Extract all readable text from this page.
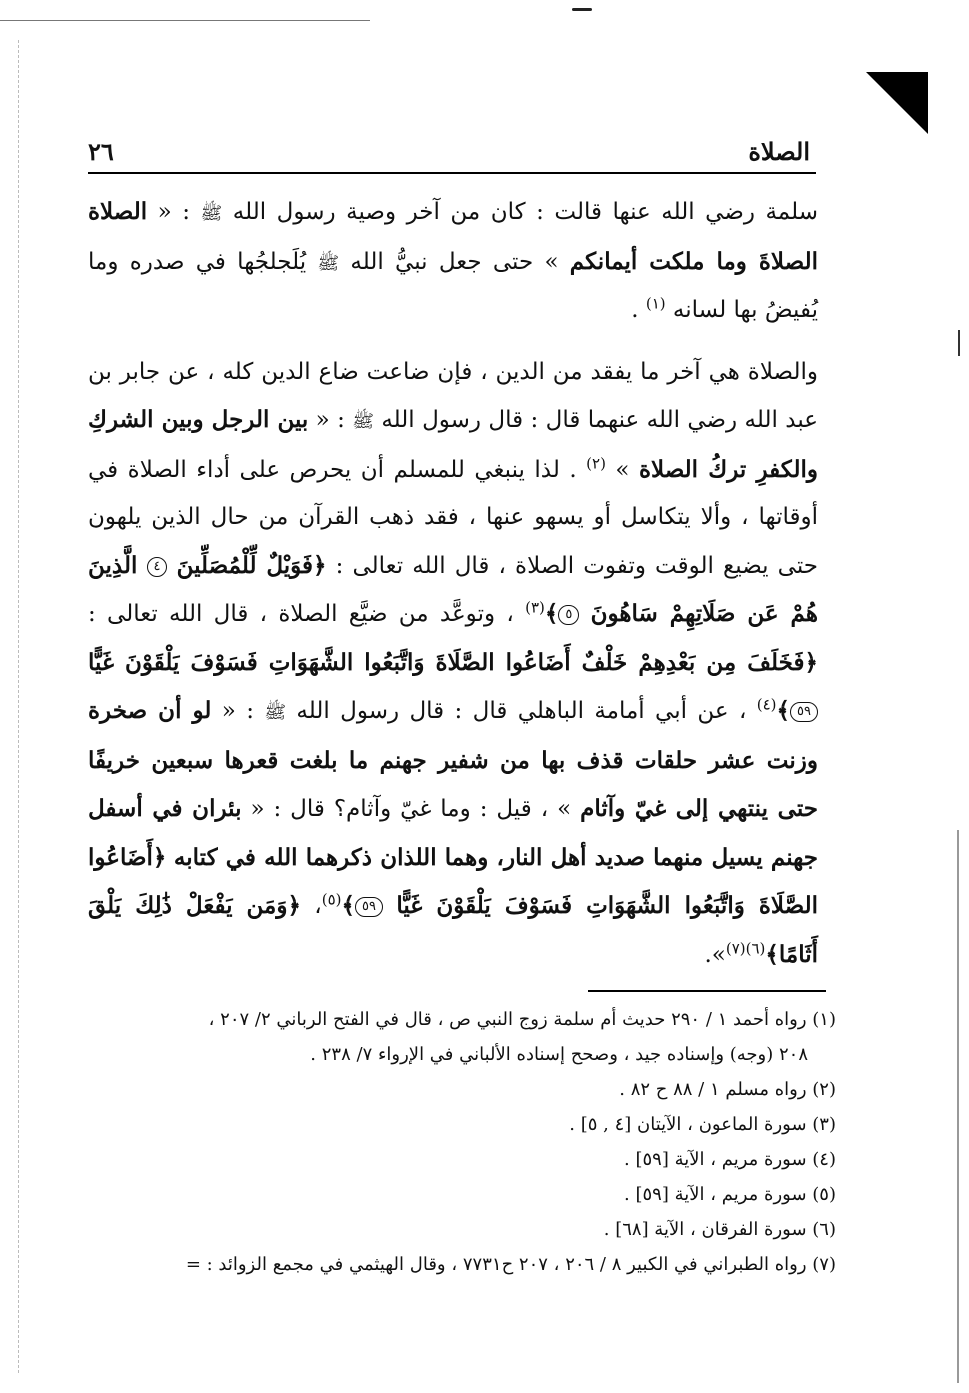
الصلاة
٢٦

سلمة رضي الله عنها قالت : كان من آخر وصية رسول الله ﷺ : « الصلاة الصلاةَ وما ملكت أيمانكم » حتى جعل نبيُّ الله ﷺ يُلَجلجُها في صدره وما يُفيضُ بها لسانه $^{(١)}$ .

والصلاة هي آخر ما يفقد من الدين ، فإن ضاعت ضاع الدين كله ، عن جابر بن عبد الله رضي الله عنهما قال : قال رسول الله ﷺ : « بين الرجل وبين الشركِ والكفرِ تركُ الصلاة » $^{(٢)}$ . لذا ينبغي للمسلم أن يحرص على أداء الصلاة في أوقاتها ، وألا يتكاسل أو يسهو عنها ، فقد ذهب القرآن من حال الذين يلهون حتى يضيع الوقت وتفوت الصلاة ، قال الله تعالى : ﴿فَوَيْلٌ لِّلْمُصَلِّينَ ٤ الَّذِينَ هُمْ عَن صَلَاتِهِمْ سَاهُونَ ٥﴾$^{(٣)}$ ، وتوعَّد من ضيَّع الصلاة ، قال الله تعالى : ﴿فَخَلَفَ مِن بَعْدِهِمْ خَلْفٌ أَضَاعُوا الصَّلَاةَ وَاتَّبَعُوا الشَّهَوَاتِ فَسَوْفَ يَلْقَوْنَ غَيًّا ٥٩﴾$^{(٤)}$ ، عن أبي أمامة الباهلي قال : قال رسول الله ﷺ : « لو أن صخرة وزنت عشر حلقات قذف بها من شفير جهنم ما بلغت قعرها سبعين خريفًا حتى ينتهي إلى غيّ وآثام » ، قيل : وما غيّ وآثام؟ قال : « بئران في أسفل جهنم يسيل منهما صديد أهل النار، وهما اللذان ذكرهما الله في كتابه ﴿أَضَاعُوا الصَّلَاةَ وَاتَّبَعُوا الشَّهَوَاتِ فَسَوْفَ يَلْقَوْنَ غَيًّا ٥٩﴾$^{(٥)}$، ﴿وَمَن يَفْعَلْ ذَٰلِكَ يَلْقَ أَثَامًا﴾$^{(٦)(٧)}$».

(١) رواه أحمد ١ / ٢٩٠ حديث أم سلمة زوج النبي ص ، قال في الفتح الرباني ٢/ ٢٠٧ ،
٢٠٨ (وجه) وإسناده جيد ، وصحح إسناده الألباني في الإرواء ٧/ ٢٣٨ .
(٢) رواه مسلم ١ / ٨٨ ح ٨٢ .
(٣) سورة الماعون ، الآيتان [٤ , ٥] .
(٤) سورة مريم ، الآية [٥٩] .
(٥) سورة مريم ، الآية [٥٩] .
(٦) سورة الفرقان ، الآية [٦٨] .
(٧) رواه الطبراني في الكبير ٨ / ٢٠٦ ، ٢٠٧ ح٧٧٣١ ، وقال الهيثمي في مجمع الزوائد : =
